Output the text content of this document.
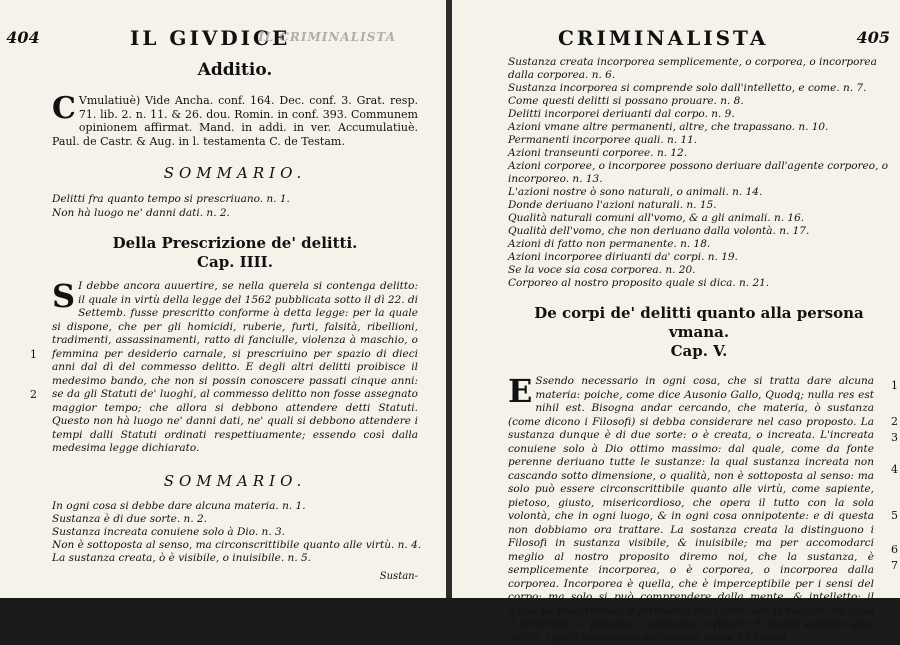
404	IL GIVDICE
IL CRIMINALISTA
Additio.
C Vmulatiuè) Vide Ancha. conf. 164. Dec. conf. 3. Grat. resp. 71. lib. 2. n. 11. & 26. dou. Romin. in conf. 393. Communem opinionem affirmat. Mand. in addi. in ver. Accumulatiuè. Paul. de Castr. & Aug. in l. testamenta C. de Testam.
SOMMARIO.
Delitti fra quanto tempo si prescriuano. n. 1.
Non hà luogo ne' danni dati. n. 2.
Della Prescrizione de' delitti.
Cap. IIII.
1
2
S I debbe ancora auuertire, se nella querela si contenga delitto: il quale in virtù della legge del 1562 pubblicata sotto il dì 22. di Settemb. fusse prescritto conforme à detta legge: per la quale si dispone, che per gli homicidi, ruberie, furti, falsità, ribellioni, tradimenti, assassinamenti, ratto di fanciulle, violenza à maschio, o femmina per desiderio carnale, si prescriuino per spazio di dieci anni dal dì del commesso delitto. E degli altri delitti proibisce il medesimo bando, che non si possin conoscere passati cinque anni: se da gli Statuti de' luoghi, al commesso delitto non fosse assegnato maggior tempo; che allora si debbono attendere detti Statuti. Questo non hà luogo ne' danni dati, ne' quali si debbono attendere i tempi dalli Statuti ordinati respettiuamente; essendo così dalla medesima legge dichiarato.
SOMMARIO.
In ogni cosa si debbe dare alcuna materia. n. 1.
Sustanza è di due sorte. n. 2.
Sustanza increata conuiene solo à Dio. n. 3.
Non è sottoposta al senso, ma circonscrittibile quanto alle virtù. n. 4.
La sustanza creata, ò è visibile, o inuisibile. n. 5.
Sustan-
CRIMINALISTA	405
Sustanza creata incorporea semplicemente, o corporea, o incorporea dalla corporea. n. 6.
Sustanza incorporea si comprende solo dall'intelletto, e come. n. 7.
Come questi delitti si possano prouare. n. 8.
Delitti incorporei deriuanti dal corpo. n. 9.
Azioni vmane altre permanenti, altre, che trapassano. n. 10.
Permanenti incorporee quali. n. 11.
Azioni transeunti corporee. n. 12.
Azioni corporee, o incorporee possono deriuare dall'agente corporeo, o incorporeo. n. 13.
L'azioni nostre ò sono naturali, o animali. n. 14.
Donde deriuano l'azioni naturali. n. 15.
Qualità naturali comuni all'vomo, & a gli animali. n. 16.
Qualità dell'vomo, che non deriuano dalla volontà. n. 17.
Azioni di fatto non permanente. n. 18.
Azioni incorporee diriuanti da' corpi. n. 19.
Se la voce sia cosa corporea. n. 20.
Corporeo al nostro proposito quale si dica. n. 21.
De corpi de' delitti quanto alla persona vmana.
Cap. V.
1
2
3
4
5
6
7
E Ssendo necessario in ogni cosa, che si tratta dare alcuna materia: poiche, come dice Ausonio Gallo, Quodq; nulla res est nihil est. Bisogna andar cercando, che materia, ò sustanza (come dicono i Filosofi) si debba considerare nel caso proposto. La sustanza dunque è di due sorte: o è creata, o increata. L'increata conuiene solo à Dio ottimo massimo: dal quale, come da fonte perenne deriuano tutte le sustanze: la qual sustanza increata non cascando sotto dimensione, o qualità, non è sottoposta al senso: ma solo può essere circonscrittibile quanto alle virtù, come sapiente, pietoso, giusto, misericordioso, che opera il tutto con la sola volontà, che in ogni luogo, & in ogni cosa onnipotente: e di questa non dobbiamo ora trattare. La sostanza creata la distinguono i Filosofi in sustanza visibile, & inuisibile; ma per accomodarci meglio al nostro proposito diremo noi, che la sustanza, è semplicemente incorporea, o è corporea, o incorporea dalla corporea. Incorporea è quella, che è imperceptibile per i sensi del corpo: ma solo si può comprendere dalla mente, & intelletto: il quale và discorrendo, e formando ora l'Idee, ora le ragioni, ne caua il verisimile, o passato, o presente, o futuro; E questi saranno quei delitti, i quali consistono nell'animo: come è l'Eresia
